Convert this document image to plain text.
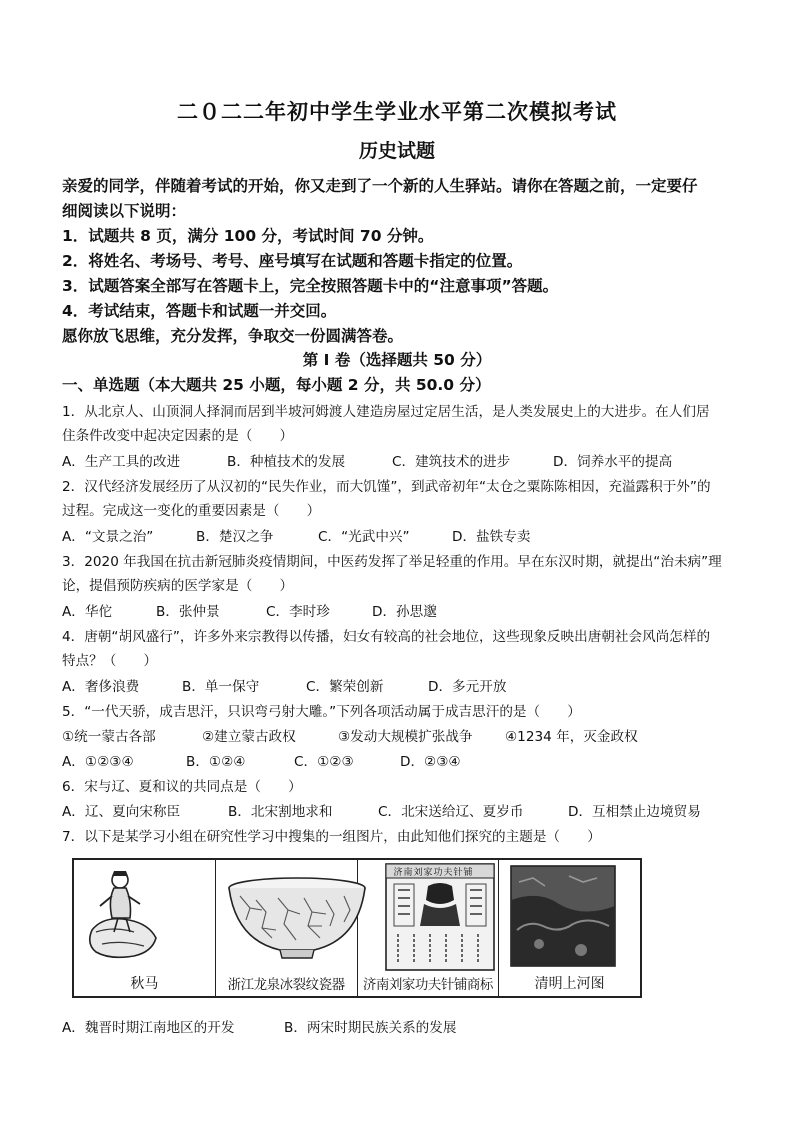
二０二二年初中学生学业水平第二次模拟考试
历史试题
亲爱的同学，伴随着考试的开始，你又走到了一个新的人生驿站。请你在答题之前，一定要仔
细阅读以下说明：
1．试题共 8 页，满分 100 分，考试时间 70 分钟。
2．将姓名、考场号、考号、座号填写在试题和答题卡指定的位置。
3．试题答案全部写在答题卡上，完全按照答题卡中的“注意事项”答题。
4．考试结束，答题卡和试题一并交回。
愿你放飞思维，充分发挥，争取交一份圆满答卷。
第 I 卷（选择题共 50 分）
一、单选题（本大题共 25 小题，每小题 2 分，共 50.0 分）
1．从北京人、山顶洞人择洞而居到半坡河姆渡人建造房屋过定居生活，是人类发展史上的大进步。在人们居
住条件改变中起决定因素的是（　　）
A．生产工具的改进	B．种植技术的发展	C．建筑技术的进步	D．饲养水平的提高
2．汉代经济发展经历了从汉初的“民失作业，而大饥馑”，到武帝初年“太仓之粟陈陈相因，充溢露积于外”的
过程。完成这一变化的重要因素是（　　）
A．“文景之治”	B．楚汉之争	C．“光武中兴”	D．盐铁专卖
3．2020 年我国在抗击新冠肺炎疫情期间，中医药发挥了举足轻重的作用。早在东汉时期，就提出“治未病”理
论，提倡预防疾病的医学家是（　　）
A．华佗	B．张仲景	C．李时珍	D．孙思邈
4．唐朝“胡风盛行”，许多外来宗教得以传播，妇女有较高的社会地位，这些现象反映出唐朝社会风尚怎样的
特点？（　　）
A．奢侈浪费	B．单一保守	C．繁荣创新	D．多元开放
5．“一代天骄，成吉思汗，只识弯弓射大雕。”下列各项活动属于成吉思汗的是（　　）
①统一蒙古各部	②建立蒙古政权	③发动大规模扩张战争 ④1234 年，灭金政权
A．①②③④	B．①②④	C．①②③	D．②③④
6．宋与辽、夏和议的共同点是（　　）
A．辽、夏向宋称臣	B．北宋割地求和	C．北宋送给辽、夏岁币	D．互相禁止边境贸易
7．以下是某学习小组在研究性学习中搜集的一组图片，由此知他们探究的主题是（　　）
秋马	浙江龙泉冰裂纹瓷器
济南刘家功夫针铺
济南刘家功夫针铺商标	清明上河图
A．魏晋时期江南地区的开发	B．两宋时期民族关系的发展
